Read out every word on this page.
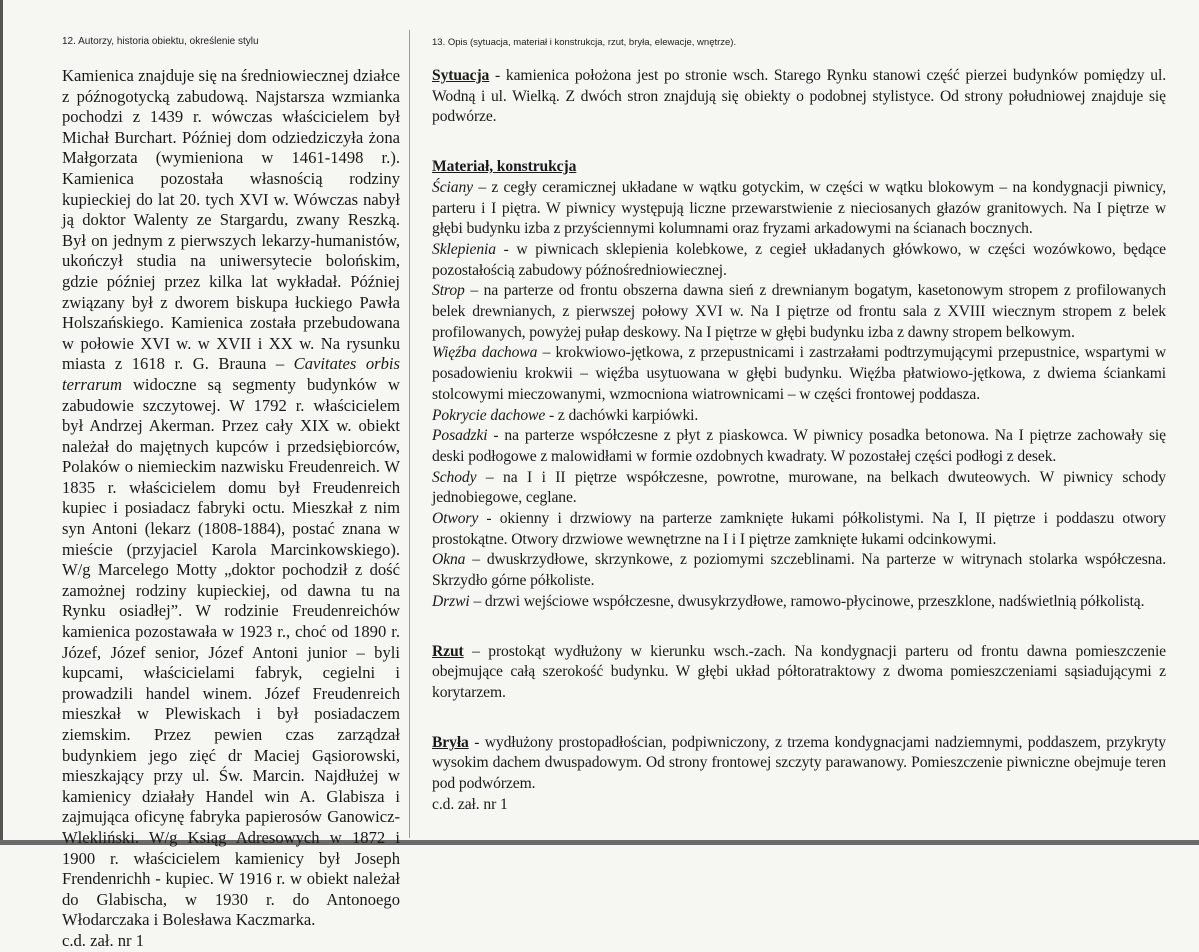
12. Autorzy, historia obiektu, określenie stylu

Kamienica znajduje się na średniowiecznej działce z późnogotycką zabudową. Najstarsza wzmianka pochodzi z 1439 r. wówczas właścicielem był Michał Burchart. Później dom odziedziczyła żona Małgorzata (wymieniona w 1461-1498 r.). Kamienica pozostała własnością rodziny kupieckiej do lat 20. tych XVI w. Wówczas nabył ją doktor Walenty ze Stargardu, zwany Reszką. Był on jednym z pierwszych lekarzy-humanistów, ukończył studia na uniwersytecie bolońskim, gdzie później przez kilka lat wykładał. Później związany był z dworem biskupa łuckiego Pawła Holszańskiego. Kamienica została przebudowana w połowie XVI w. w XVII i XX w. Na rysunku miasta z 1618 r. G. Brauna – Cavitates orbis terrarum widoczne są segmenty budynków w zabudowie szczytowej. W 1792 r. właścicielem był Andrzej Akerman. Przez cały XIX w. obiekt należał do majętnych kupców i przedsiębiorców, Polaków o niemieckim nazwisku Freudenreich. W 1835 r. właścicielem domu był Freudenreich kupiec i posiadacz fabryki octu. Mieszkał z nim syn Antoni (lekarz (1808-1884), postać znana w mieście (przyjaciel Karola Marcinkowskiego). W/g Marcelego Motty „doktor pochodził z dość zamożnej rodziny kupieckiej, od dawna tu na Rynku osiadłej”. W rodzinie Freudenreichów kamienica pozostawała w 1923 r., choć od 1890 r. Józef, Józef senior, Józef Antoni junior – byli kupcami, właścicielami fabryk, cegielni i prowadzili handel winem. Józef Freudenreich mieszkał w Plewiskach i był posiadaczem ziemskim. Przez pewien czas zarządzał budynkiem jego zięć dr Maciej Gąsiorowski, mieszkający przy ul. Św. Marcin. Najdłużej w kamienicy działały Handel win A. Glabisza i zajmująca oficynę fabryka papierosów Ganowicz-Wlekliński. W/g Ksiąg Adresowych w 1872 i 1900 r. właścicielem kamienicy był Joseph Frendenrichh - kupiec. W 1916 r. w obiekt należał do Glabischa, w 1930 r. do Antonoego Włodarczaka i Bolesława Kaczmarka.

c.d. zał. nr 1

13. Opis (sytuacja, materiał i konstrukcja, rzut, bryła, elewacje, wnętrze).

Sytuacja - kamienica położona jest po stronie wsch. Starego Rynku stanowi część pierzei budynków pomiędzy ul. Wodną i ul. Wielką. Z dwóch stron znajdują się obiekty o podobnej stylistyce. Od strony południowej znajduje się podwórze.

Materiał, konstrukcja

Ściany – z cegły ceramicznej układane w wątku gotyckim, w części w wątku blokowym – na kondygnacji piwnicy, parteru i I piętra. W piwnicy występują liczne przewarstwienie z nieciosanych głazów granitowych. Na I piętrze w głębi budynku izba z przyściennymi kolumnami oraz fryzami arkadowymi na ścianach bocznych.

Sklepienia - w piwnicach sklepienia kolebkowe, z cegieł układanych główkowo, w części wozówkowo, będące pozostałością zabudowy późnośredniowiecznej.

Strop – na parterze od frontu obszerna dawna sień z drewnianym bogatym, kasetonowym stropem z profilowanych belek drewnianych, z pierwszej połowy XVI w. Na I piętrze od frontu sala z XVIII wiecznym stropem z belek profilowanych, powyżej pułap deskowy. Na I piętrze w głębi budynku izba z dawny stropem belkowym.

Więźba dachowa – krokwiowo-jętkowa, z przepustnicami i zastrzałami podtrzymującymi przepustnice, wspartymi w posadowieniu krokwii – więźba usytuowana w głębi budynku. Więźba płatwiowo-jętkowa, z dwiema ściankami stolcowymi mieczowanymi, wzmocniona wiatrownicami – w części frontowej poddasza.

Pokrycie dachowe - z dachówki karpiówki.

Posadzki - na parterze współczesne z płyt z piaskowca. W piwnicy posadka betonowa. Na I piętrze zachowały się deski podłogowe z malowidłami w formie ozdobnych kwadraty. W pozostałej części podłogi z desek.

Schody – na I i II piętrze współczesne, powrotne, murowane, na belkach dwuteowych. W piwnicy schody jednobiegowe, ceglane.

Otwory - okienny i drzwiowy na parterze zamknięte łukami półkolistymi. Na I, II piętrze i poddaszu otwory prostokątne. Otwory drzwiowe wewnętrzne na I i I piętrze zamknięte łukami odcinkowymi.

Okna – dwuskrzydłowe, skrzynkowe, z poziomymi szczeblinami. Na parterze w witrynach stolarka współczesna. Skrzydło górne półkoliste.

Drzwi – drzwi wejściowe współczesne, dwusykrzydłowe, ramowo-płycinowe, przeszklone, nadświetlnią półkolistą.

Rzut – prostokąt wydłużony w kierunku wsch.-zach. Na kondygnacji parteru od frontu dawna pomieszczenie obejmujące całą szerokość budynku. W głębi układ półtoratraktowy z dwoma pomieszczeniami sąsiadującymi z korytarzem.

Bryła - wydłużony prostopadłościan, podpiwniczony, z trzema kondygnacjami nadziemnymi, poddaszem, przykryty wysokim dachem dwuspadowym. Od strony frontowej szczyty parawanowy. Pomieszczenie piwniczne obejmuje teren pod podwórzem.

c.d. zał. nr 1
